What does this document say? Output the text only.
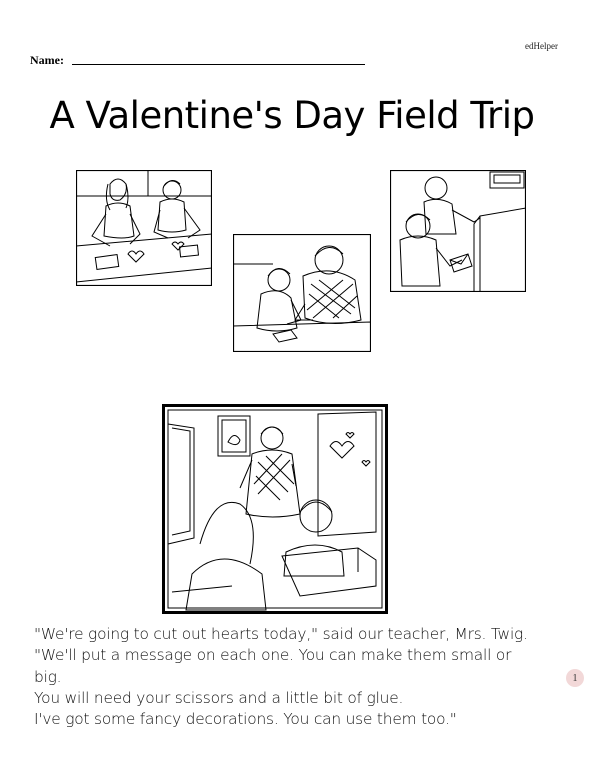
edHelper
Name:
A Valentine's Day Field Trip

"We're going to cut out hearts today," said our teacher, Mrs. Twig.

"We'll put a message on each one. You can make them small or

big.

You will need your scissors and a little bit of glue.

I've got some fancy decorations. You can use them too."

1
